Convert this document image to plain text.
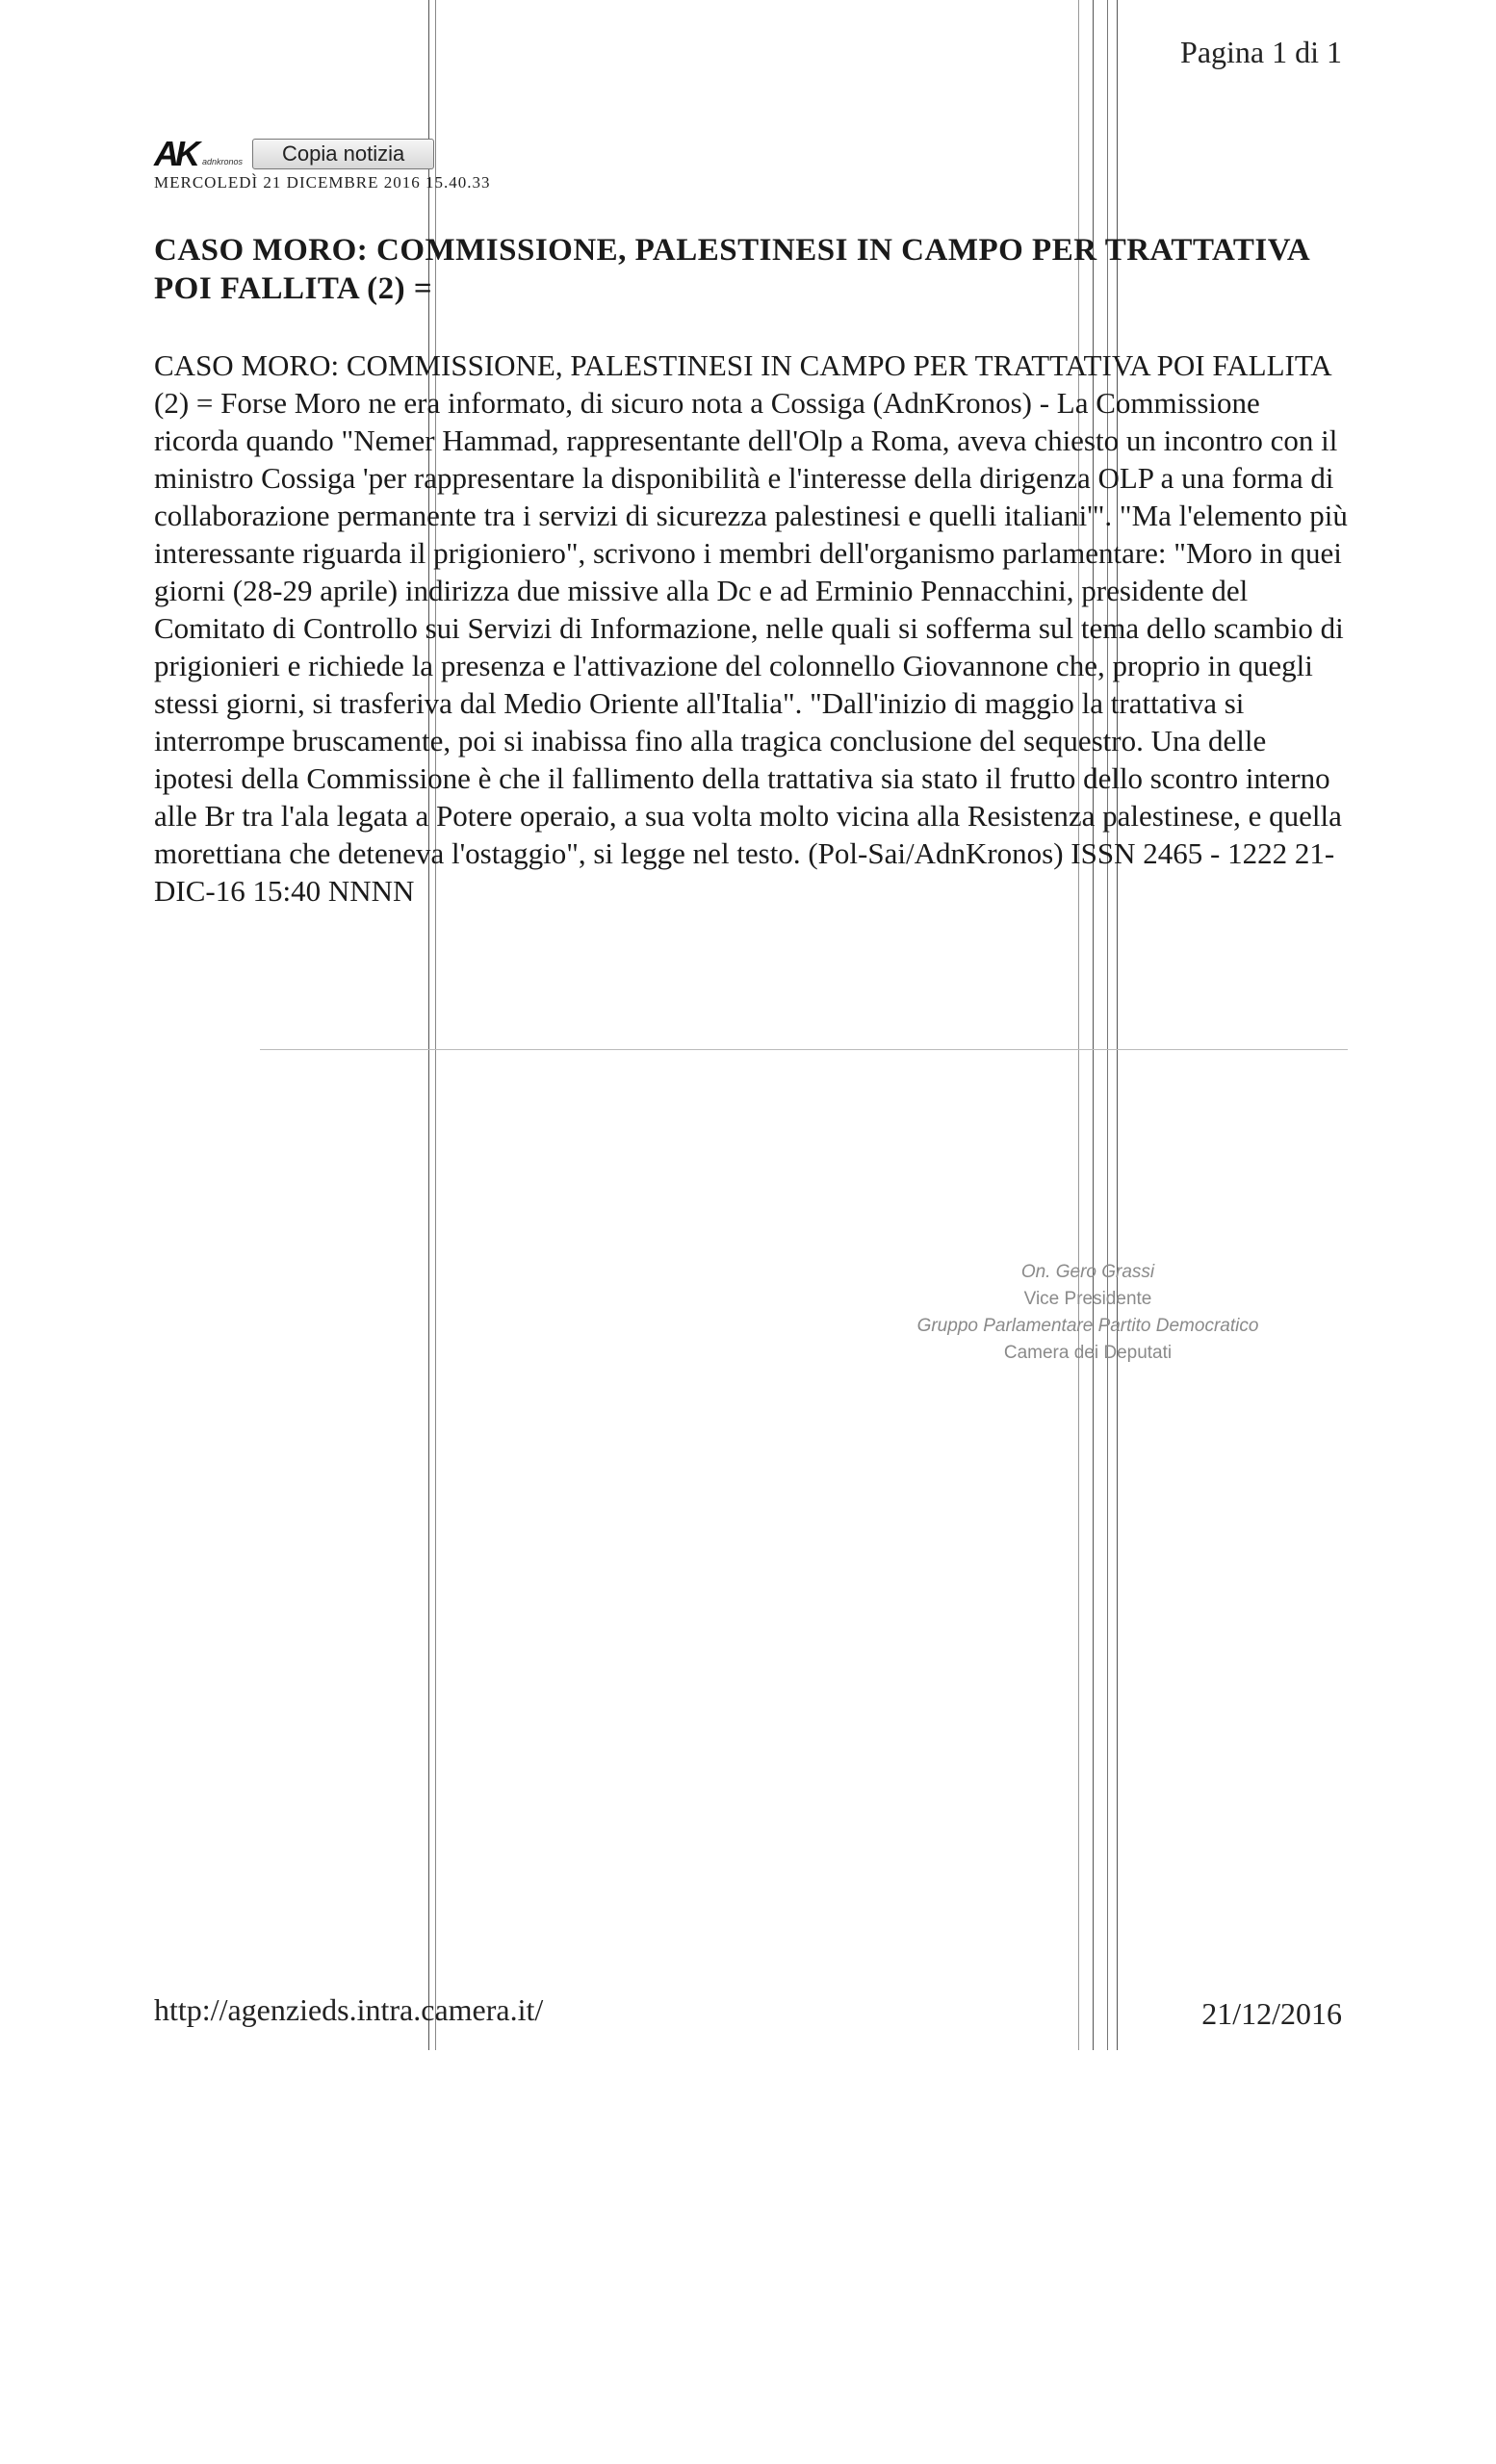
Pagina 1 di 1
AK adnkronos	Copia notizia
MERCOLEDÌ 21 DICEMBRE 2016 15.40.33
CASO MORO: COMMISSIONE, PALESTINESI IN CAMPO PER TRATTATIVA POI FALLITA (2) =
CASO MORO: COMMISSIONE, PALESTINESI IN CAMPO PER TRATTATIVA POI FALLITA (2) = Forse Moro ne era informato, di sicuro nota a Cossiga (AdnKronos) - La Commissione ricorda quando "Nemer Hammad, rappresentante dell'Olp a Roma, aveva chiesto un incontro con il ministro Cossiga 'per rappresentare la disponibilità e l'interesse della dirigenza OLP a una forma di collaborazione permanente tra i servizi di sicurezza palestinesi e quelli italiani'". "Ma l'elemento più interessante riguarda il prigioniero", scrivono i membri dell'organismo parlamentare: "Moro in quei giorni (28-29 aprile) indirizza due missive alla Dc e ad Erminio Pennacchini, presidente del Comitato di Controllo sui Servizi di Informazione, nelle quali si sofferma sul tema dello scambio di prigionieri e richiede la presenza e l'attivazione del colonnello Giovannone che, proprio in quegli stessi giorni, si trasferiva dal Medio Oriente all'Italia". "Dall'inizio di maggio la trattativa si interrompe bruscamente, poi si inabissa fino alla tragica conclusione del sequestro. Una delle ipotesi della Commissione è che il fallimento della trattativa sia stato il frutto dello scontro interno alle Br tra l'ala legata a Potere operaio, a sua volta molto vicina alla Resistenza palestinese, e quella morettiana che deteneva l'ostaggio", si legge nel testo. (Pol-Sai/AdnKronos) ISSN 2465 - 1222 21-DIC-16 15:40 NNNN
On. Gero Grassi
Vice Presidente
Gruppo Parlamentare Partito Democratico
Camera dei Deputati
http://agenzieds.intra.camera.it/	21/12/2016
